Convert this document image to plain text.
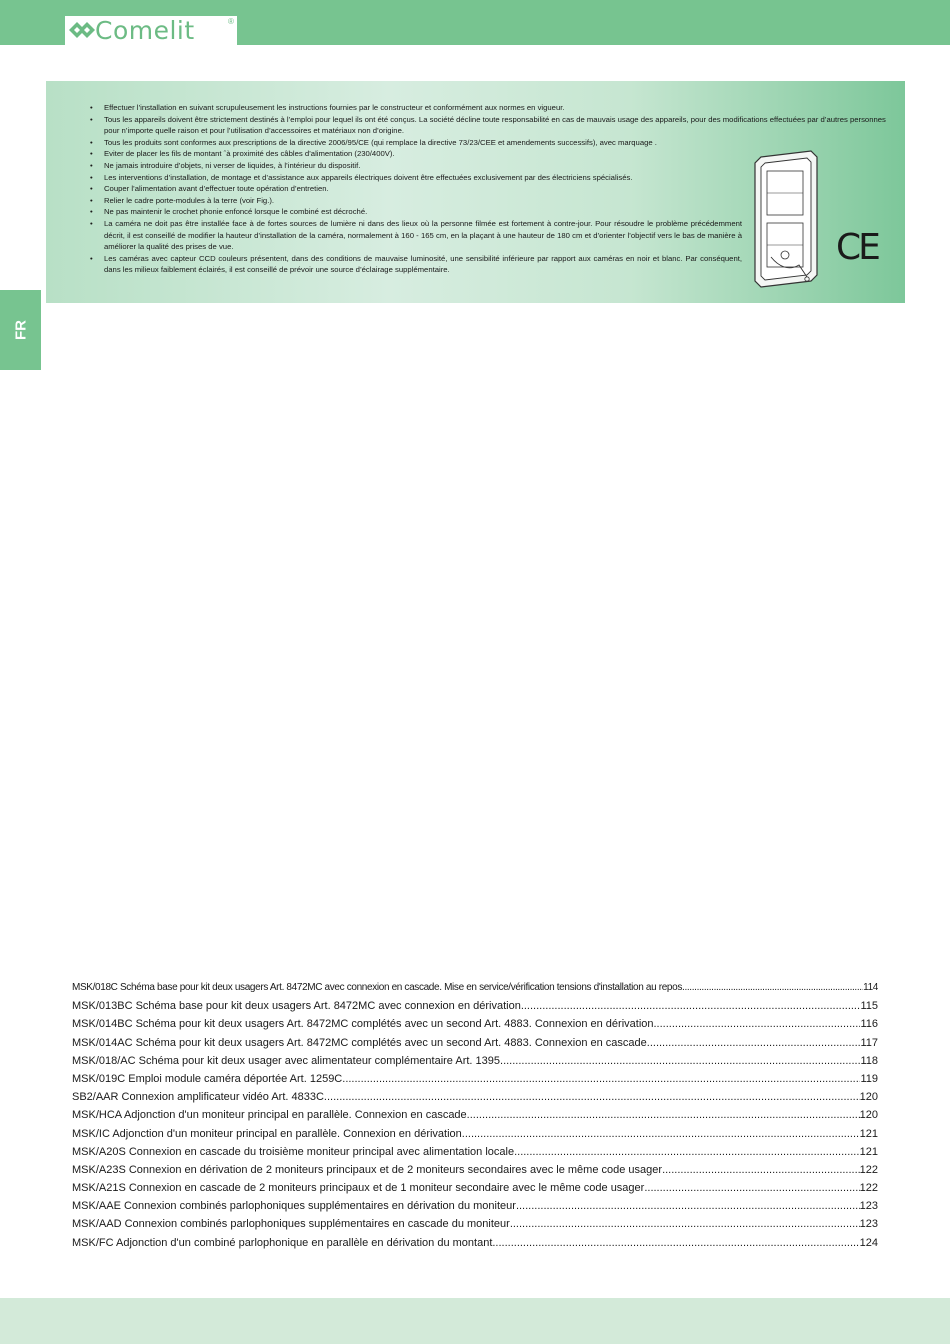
Comelit	®
FR
• Effectuer l’installation en suivant scrupuleusement les instructions fournies par le constructeur et conformément aux normes en vigueur.
• Tous les appareils doivent être strictement destinés à l’emploi pour lequel ils ont été conçus. La société décline toute responsabilité en cas de mauvais usage des appareils, pour des modifications effectuées par d’autres personnes pour n’importe quelle raison et pour l’utilisation d’accessoires et matériaux non d’origine.
• Tous les produits sont conformes aux prescriptions de la directive 2006/95/CE (qui remplace la directive 73/23/CEE et amendements successifs), avec marquage .
• Eviter de placer les fils de montant ˆà proximité des câbles d’alimentation (230/400V).
• Ne jamais introduire d’objets, ni verser de liquides, à l’intérieur du dispositif.
• Les interventions d’installation, de montage et d’assistance aux appareils électriques doivent être effectuées exclusivement par des électriciens spécialisés.
• Couper l’alimentation avant d’effectuer toute opération d’entretien.
• Relier le cadre porte-modules à la terre (voir Fig.).
• Ne pas maintenir le crochet phonie enfoncé lorsque le combiné est décroché.
• La caméra ne doit pas être installée face à de fortes sources de lumière ni dans des lieux où la personne filmée est fortement à contre-jour. Pour résoudre le problème précédemment décrit, il est conseillé de modifier la hauteur d’installation de la caméra, normalement à 160 - 165 cm, en la plaçant à une hauteur de 180 cm et d’orienter l’objectif vers le bas de manière à améliorer la qualité des prises de vue.
• Les caméras avec capteur CCD couleurs présentent, dans des conditions de mauvaise luminosité, une sensibilité inférieure par rapport aux caméras en noir et blanc. Par conséquent, dans les milieux faiblement éclairés, il est conseillé de prévoir une source d’éclairage supplémentaire.
CE
MSK/018C Schéma base pour kit deux usagers Art. 8472MC avec connexion en cascade. Mise en service/vérification tensions d'installation au repos. .....	114
MSK/013BC Schéma base pour kit deux usagers Art. 8472MC avec connexion en dérivation .....	115
MSK/014BC Schéma pour kit deux usagers Art. 8472MC complétés avec un second Art. 4883. Connexion en dérivation .....	116
MSK/014AC Schéma pour kit deux usagers Art. 8472MC complétés avec un second Art. 4883. Connexion en cascade. .....	117
MSK/018/AC Schéma pour kit deux usager avec alimentateur complémentaire Art. 1395 .....	118
MSK/019C Emploi module caméra déportée Art. 1259C .....	119
SB2/AAR Connexion amplificateur vidéo Art. 4833C .....	120
MSK/HCA Adjonction d'un moniteur principal en parallèle. Connexion en cascade .....	120
MSK/IC Adjonction d'un moniteur principal en parallèle. Connexion en dérivation .....	121
MSK/A20S Connexion en cascade du troisième moniteur principal avec alimentation locale .....	121
MSK/A23S Connexion en dérivation de 2 moniteurs principaux et de 2 moniteurs secondaires avec le même code usager .....	122
MSK/A21S Connexion en cascade de 2 moniteurs principaux et de 1 moniteur secondaire avec le même code usager .....	122
MSK/AAE Connexion combinés parlophoniques supplémentaires en dérivation du moniteur .....	123
MSK/AAD Connexion combinés parlophoniques supplémentaires en cascade du moniteur .....	123
MSK/FC Adjonction d'un combiné parlophonique en parallèle en dérivation du montant .....	124
